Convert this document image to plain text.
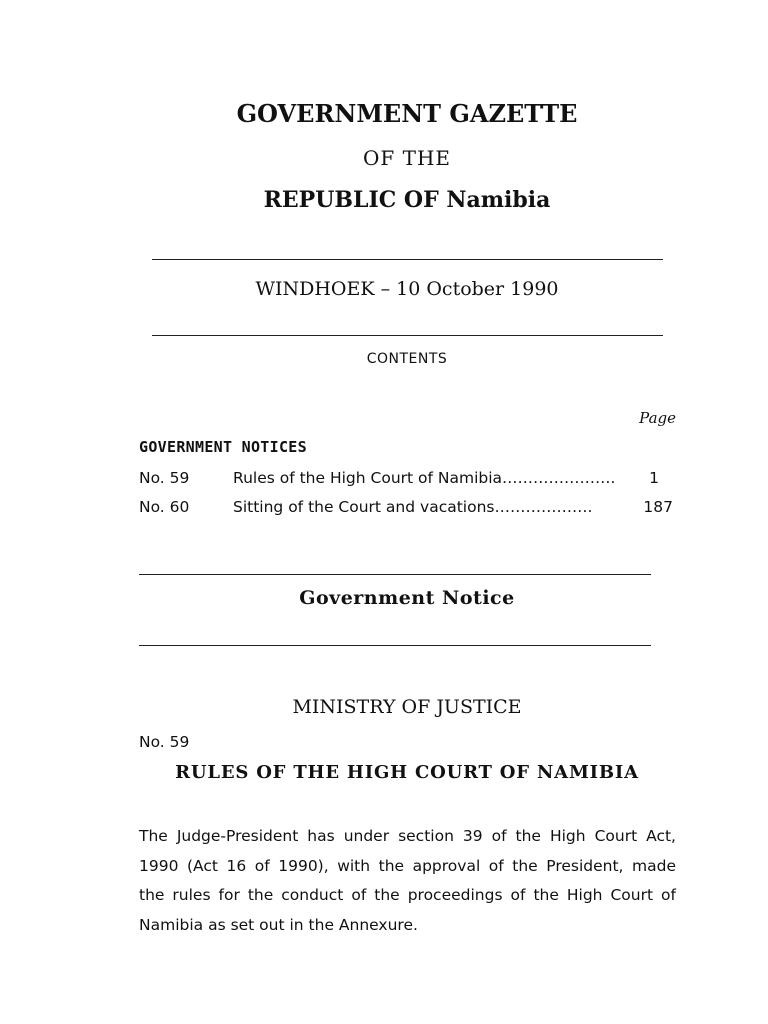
GOVERNMENT GAZETTE
OF THE
REPUBLIC OF Namibia
WINDHOEK – 10 October 1990
CONTENTS
Page
GOVERNMENT NOTICES
No. 59	Rules of the High Court of Namibia…………………. 1
No. 60	Sitting of the Court and vacations……………….	187
Government Notice
MINISTRY OF JUSTICE
No. 59
RULES OF THE HIGH COURT OF NAMIBIA
The Judge-President has under section 39 of the High Court Act,
1990 (Act 16 of 1990), with the approval of the President, made
the rules for the conduct of the proceedings of the High Court of
Namibia as set out in the Annexure.
